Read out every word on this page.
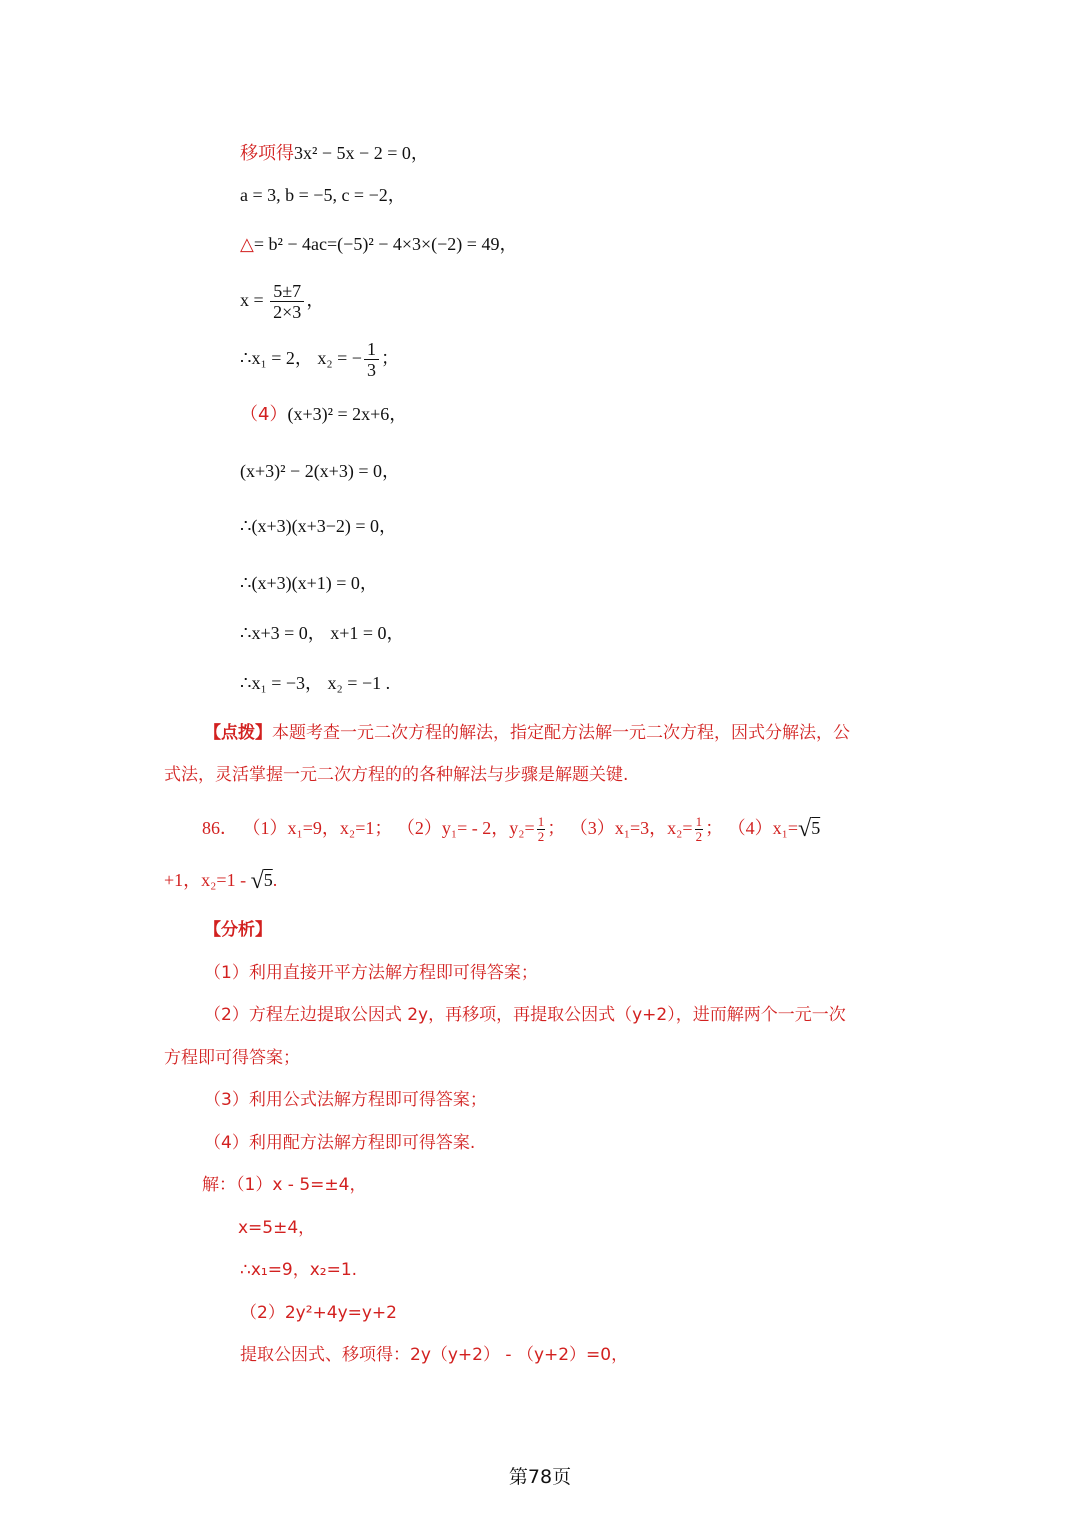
移项得3x² − 5x − 2 = 0，
a = 3, b = −5, c = −2，
△= b² − 4ac=(−5)² − 4×3×(−2) = 49，
$x = \frac{5\pm 7}{2\times 3}$ ，
∴x₁ = 2， x₂ = − $\frac{1}{3}$ ；
（4）(x+3)² = 2x+6，
(x+3)² − 2(x+3) = 0，
∴(x+3)(x+3−2) = 0，
∴(x+3)(x+1) = 0，
∴x+3 = 0， x+1 = 0，
∴x₁ = −3， x₂ = −1 .
【点拨】本题考查一元二次方程的解法，指定配方法解一元二次方程，因式分解法，公
式法，灵活掌握一元二次方程的的各种解法与步骤是解题关键.
86． （1）x₁=9，x₂=1； （2）y₁= - 2，$y_2= \frac{1}{2}$ ； （3）x₁=3，$x_2= \frac{1}{2}$ ； （4）x₁=√5
+1，x₂=1 - √5.
【分析】
（1）利用直接开平方法解方程即可得答案；
（2）方程左边提取公因式 2y，再移项，再提取公因式（y+2），进而解两个一元一次
方程即可得答案；
（3）利用公式法解方程即可得答案；
（4）利用配方法解方程即可得答案.
解：（1）x - 5=±4，
x=5±4，
∴x₁=9，x₂=1.
（2）2y²+4y=y+2
提取公因式、移项得：2y（y+2） - （y+2）=0，
第78页
